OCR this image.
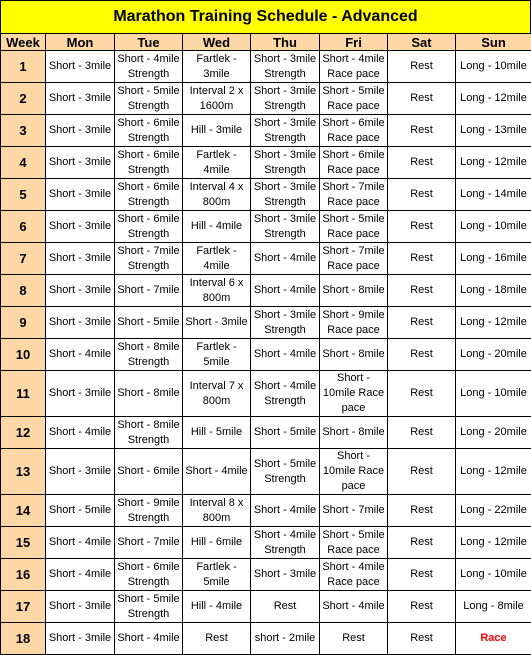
Marathon Training Schedule - Advanced
Week	Mon	Tue	Wed	Thu	Fri	Sat	Sun
1	Short - 3mile	Short - 4mile Strength	Fartlek - 3mile	Short - 3mile Strength	Short - 4mile Race pace	Rest	Long - 10mile

2	Short - 3mile	Short - 5mile Strength	Interval 2 x 1600m	Short - 3mile Strength	Short - 5mile Race pace	Rest	Long - 12mile

3	Short - 3mile	Short - 6mile Strength	Hill - 3mile	Short - 3mile Strength	Short - 6mile Race pace	Rest	Long - 13mile

4	Short - 3mile	Short - 6mile Strength	Fartlek - 4mile	Short - 3mile Strength	Short - 6mile Race pace	Rest	Long - 12mile

5	Short - 3mile	Short - 6mile Strength	Interval 4 x 800m	Short - 3mile Strength	Short - 7mile Race pace	Rest	Long - 14mile

6	Short - 3mile	Short - 6mile Strength	Hill - 4mile	Short - 3mile Strength	Short - 5mile Race pace	Rest	Long - 10mile

7	Short - 3mile	Short - 7mile Strength	Fartlek - 4mile	Short - 4mile	Short - 7mile Race pace	Rest	Long - 16mile

8	Short - 3mile	Short - 7mile	Interval 6 x 800m	Short - 4mile	Short - 8mile	Rest	Long - 18mile

9	Short - 3mile	Short - 5mile	Short - 3mile	Short - 3mile Strength	Short - 9mile Race pace	Rest	Long - 12mile

10	Short - 4mile	Short - 8mile Strength	Fartlek - 5mile	Short - 4mile	Short - 8mile	Rest	Long - 20mile

11	Short - 3mile	Short - 8mile	Interval 7 x 800m	Short - 4mile Strength	Short - 10mile Race pace	Rest	Long - 10mile

12	Short - 4mile	Short - 8mile Strength	Hill - 5mile	Short - 5mile	Short - 8mile	Rest	Long - 20mile

13	Short - 3mile	Short - 6mile	Short - 4mile	Short - 5mile Strength	Short - 10mile Race pace	Rest	Long - 12mile

14	Short - 5mile	Short - 9mile Strength	Interval 8 x 800m	Short - 4mile	Short - 7mile	Rest	Long - 22mile

15	Short - 4mile	Short - 7mile	Hill - 6mile	Short - 4mile Strength	Short - 5mile Race pace	Rest	Long - 12mile

16	Short - 4mile	Short - 6mile Strength	Fartlek - 5mile	Short - 3mile	Short - 4mile Race pace	Rest	Long - 10mile

17	Short - 3mile	Short - 5mile Strength	Hill - 4mile	Rest	Short - 4mile	Rest	Long - 8mile

18	Short - 3mile	Short - 4mile	Rest	short - 2mile	Rest	Rest	Race
